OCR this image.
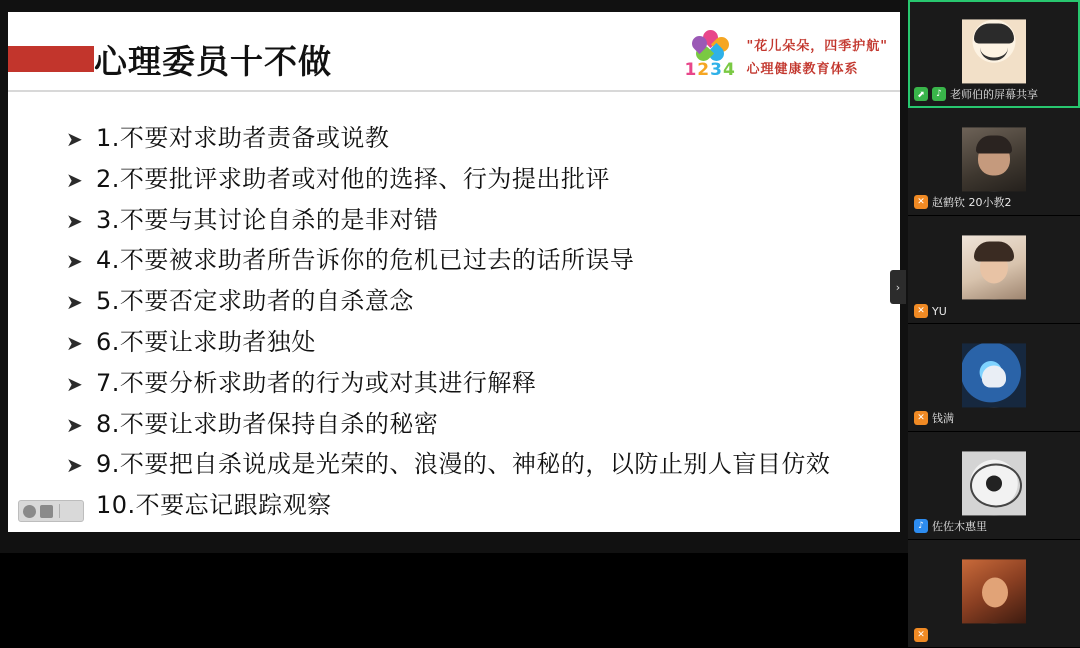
心理委员十不做	1234
"花儿朵朵，四季护航"
心理健康教育体系
➤ 1.不要对求助者责备或说教
➤ 2.不要批评求助者或对他的选择、行为提出批评
➤ 3.不要与其讨论自杀的是非对错
➤ 4.不要被求助者所告诉你的危机已过去的话所误导
➤ 5.不要否定求助者的自杀意念
➤ 6.不要让求助者独处
➤ 7.不要分析求助者的行为或对其进行解释
➤ 8.不要让求助者保持自杀的秘密
➤ 9.不要把自杀说成是光荣的、浪漫的、神秘的，以防止别人盲目仿效
10.不要忘记跟踪观察
›
⬈	♪ 老师伯的屏幕共享
✕ 赵鹤钦 20小教2
✕ YU
✕ 钱满
♪ 佐佐木惠里
✕
